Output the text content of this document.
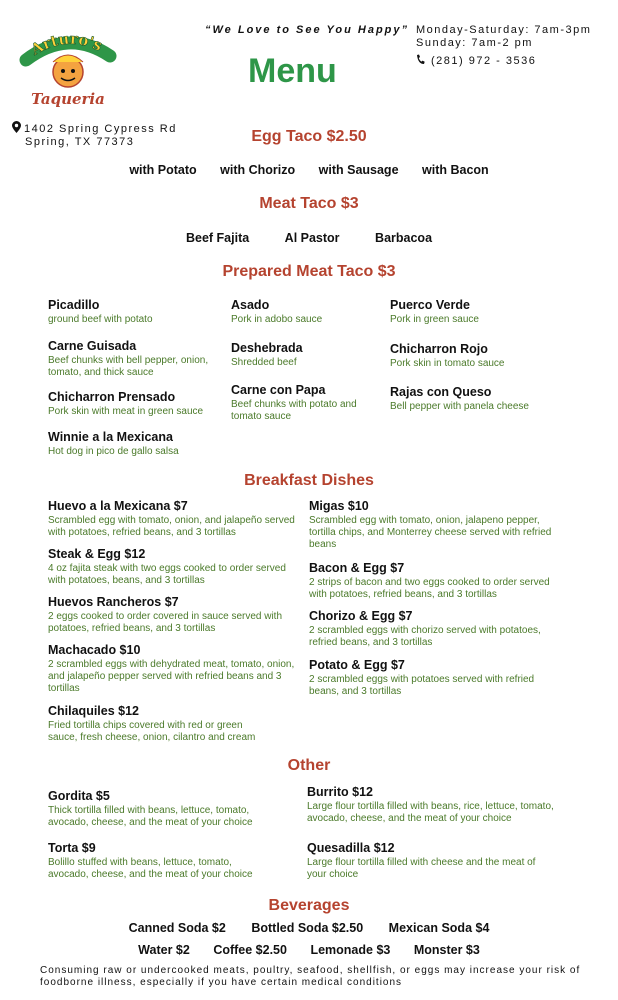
Arturo's
Taqueria
“We Love to See You Happy”
Menu
Monday-Saturday: 7am-3pm
Sunday: 7am-2 pm
(281) 972 - 3536
1402 Spring Cypress Rd
Spring, TX 77373	Egg Taco $2.50
with Potato with Chorizo with Sausage with Bacon
Meat Taco $3
Beef Fajita	Al Pastor	Barbacoa
Prepared Meat Taco $3
Picadillo
ground beef with potato
Carne Guisada
Beef chunks with bell pepper, onion, tomato, and thick sauce
Chicharron Prensado
Pork skin with meat in green sauce
Winnie a la Mexicana
Hot dog in pico de gallo salsa
Asado
Pork in adobo sauce
Deshebrada
Shredded beef
Carne con Papa
Beef chunks with potato and tomato sauce
Puerco Verde
Pork in green sauce
Chicharron Rojo
Pork skin in tomato sauce
Rajas con Queso
Bell pepper with panela cheese
Breakfast Dishes
Huevo a la Mexicana $7
Scrambled egg with tomato, onion, and jalapeño served with potatoes, refried beans, and 3 tortillas
Steak & Egg $12
4 oz fajita steak with two eggs cooked to order served with potatoes, beans, and 3 tortillas
Huevos Rancheros $7
2 eggs cooked to order covered in sauce served with potatoes, refried beans, and 3 tortillas
Machacado $10
2 scrambled eggs with dehydrated meat, tomato, onion, and jalapeño pepper served with refried beans and 3 tortillas
Chilaquiles $12
Fried tortilla chips covered with red or green sauce, fresh cheese, onion, cilantro and cream
Migas $10
Scrambled egg with tomato, onion, jalapeno pepper, tortilla chips, and Monterrey cheese served with refried beans
Bacon & Egg $7
2 strips of bacon and two eggs cooked to order served with potatoes, refried beans, and 3 tortillas
Chorizo & Egg $7
2 scrambled eggs with chorizo served with potatoes, refried beans, and 3 tortillas
Potato & Egg $7
2 scrambled eggs with potatoes served with refried beans, and 3 tortillas
Other
Gordita $5
Thick tortilla filled with beans, lettuce, tomato, avocado, cheese, and the meat of your choice
Torta $9
Bolillo stuffed with beans, lettuce, tomato, avocado, cheese, and the meat of your choice
Burrito $12
Large flour tortilla filled with beans, rice, lettuce, tomato, avocado, cheese, and the meat of your choice
Quesadilla $12
Large flour tortilla filled with cheese and the meat of your choice
Beverages
Canned Soda $2 Bottled Soda $2.50 Mexican Soda $4
Water $2 Coffee $2.50 Lemonade $3 Monster $3
Consuming raw or undercooked meats, poultry, seafood, shellfish, or eggs may increase your risk of foodborne illness, especially if you have certain medical conditions
